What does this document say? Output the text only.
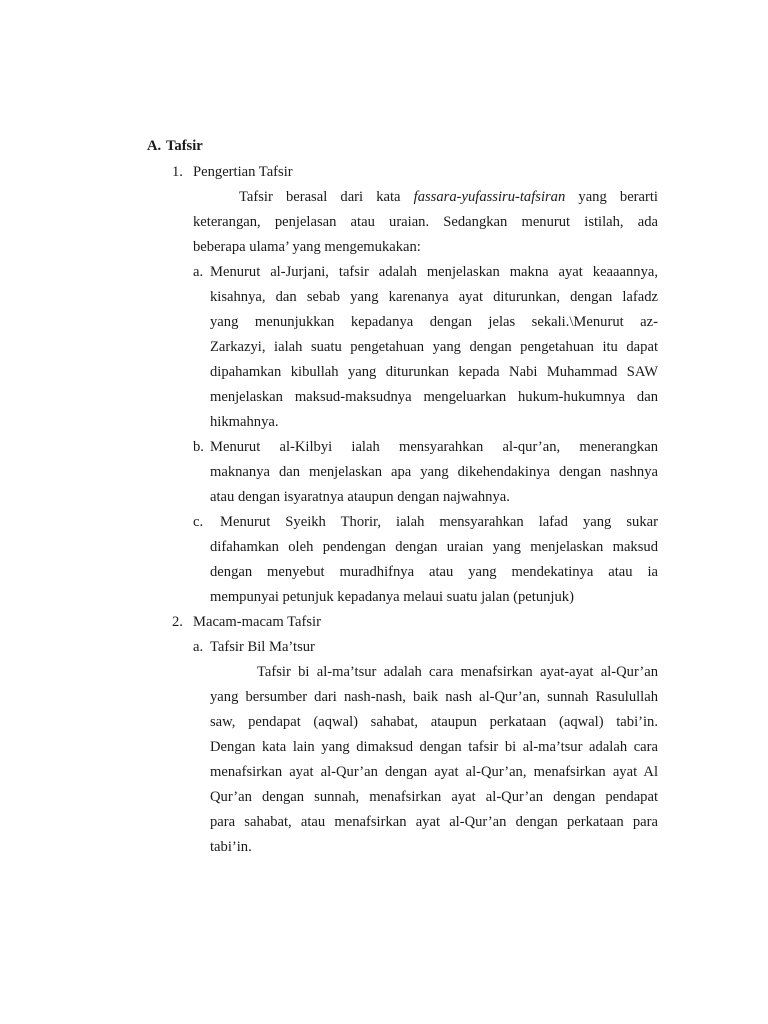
A. Tafsir
1. Pengertian Tafsir
Tafsir berasal dari kata fassara-yufassiru-tafsiran yang berarti
keterangan, penjelasan atau uraian. Sedangkan menurut istilah, ada
beberapa ulama’ yang mengemukakan:
a. Menurut al-Jurjani, tafsir adalah menjelaskan makna ayat keaaannya,
kisahnya, dan sebab yang karenanya ayat diturunkan, dengan lafadz
yang menunjukkan kepadanya dengan jelas sekali.\Menurut az-
Zarkazyi, ialah suatu pengetahuan yang dengan pengetahuan itu dapat
dipahamkan kibullah yang diturunkan kepada Nabi Muhammad SAW
menjelaskan maksud-maksudnya mengeluarkan hukum-hukumnya dan
hikmahnya.
b. Menurut al-Kilbyi ialah mensyarahkan al-qur’an, menerangkan
maknanya dan menjelaskan apa yang dikehendakinya dengan nashnya
atau dengan isyaratnya ataupun dengan najwahnya.
c. Menurut Syeikh Thorir, ialah mensyarahkan lafad yang sukar
difahamkan oleh pendengan dengan uraian yang menjelaskan maksud
dengan menyebut muradhifnya atau yang mendekatinya atau ia
mempunyai petunjuk kepadanya melaui suatu jalan (petunjuk)
2. Macam-macam Tafsir
a. Tafsir Bil Ma’tsur
Tafsir bi al-ma’tsur adalah cara menafsirkan ayat-ayat al-Qur’an
yang bersumber dari nash-nash, baik nash al-Qur’an, sunnah Rasulullah
saw, pendapat (aqwal) sahabat, ataupun perkataan (aqwal) tabi’in.
Dengan kata lain yang dimaksud dengan tafsir bi al-ma’tsur adalah cara
menafsirkan ayat al-Qur’an dengan ayat al-Qur’an, menafsirkan ayat Al
Qur’an dengan sunnah, menafsirkan ayat al-Qur’an dengan pendapat
para sahabat, atau menafsirkan ayat al-Qur’an dengan perkataan para
tabi’in.
